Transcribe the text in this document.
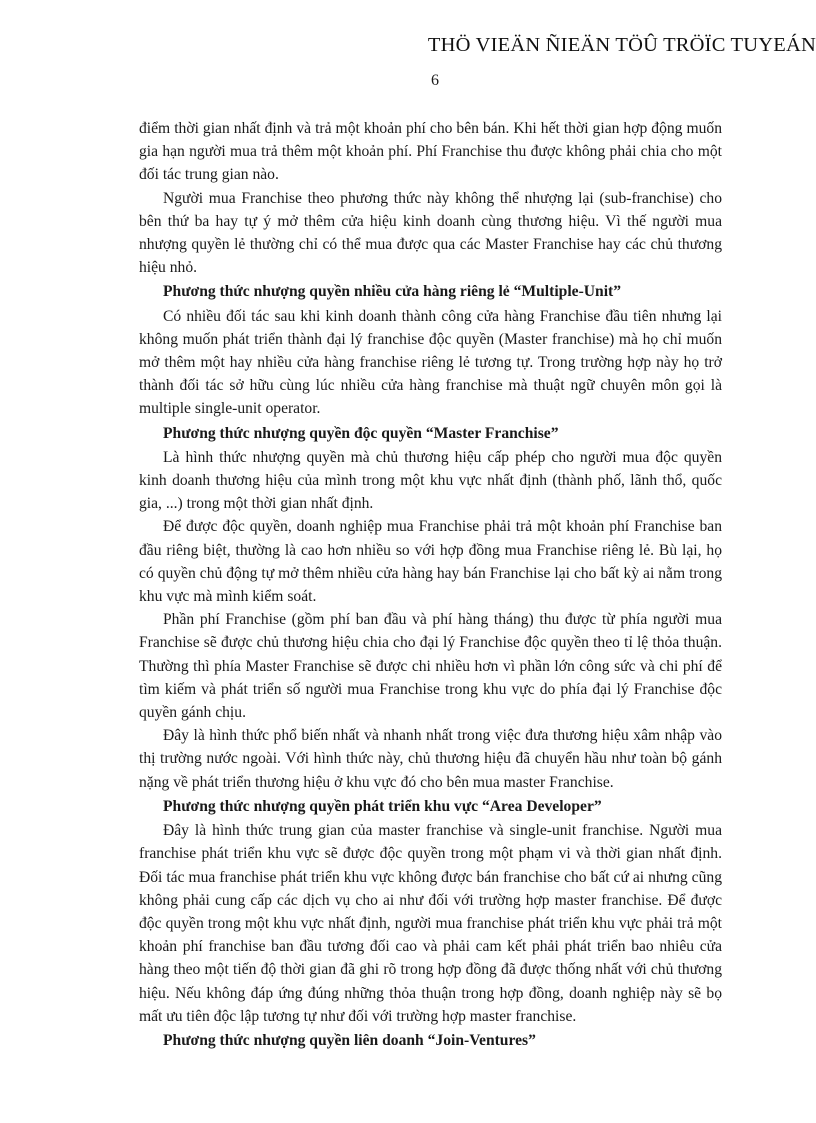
THÖ VIEÄN ÑIEÄN TÖÛ TRÖÏC TUYEÁN
6

điểm thời gian nhất định và trả một khoản phí cho bên bán. Khi hết thời gian hợp động muốn gia hạn người mua trả thêm một khoản phí. Phí Franchise thu được không phải chia cho một đối tác trung gian nào.

Người mua Franchise theo phương thức này không thể nhượng lại (sub-franchise) cho bên thứ ba hay tự ý mở thêm cửa hiệu kinh doanh cùng thương hiệu. Vì thế người mua nhượng quyền lẻ thường chỉ có thể mua được qua các Master Franchise hay các chủ thương hiệu nhỏ.

Phương thức nhượng quyền nhiều cửa hàng riêng lẻ “Multiple-Unit”

Có nhiều đối tác sau khi kinh doanh thành công cửa hàng Franchise đầu tiên nhưng lại không muốn phát triển thành đại lý franchise độc quyền (Master franchise) mà họ chỉ muốn mở thêm một hay nhiều cửa hàng franchise riêng lẻ tương tự. Trong trường hợp này họ trở thành đối tác sở hữu cùng lúc nhiều cửa hàng franchise mà thuật ngữ chuyên môn gọi là multiple single-unit operator.

Phương thức nhượng quyền độc quyền “Master Franchise”

Là hình thức nhượng quyền mà chủ thương hiệu cấp phép cho người mua độc quyền kinh doanh thương hiệu của mình trong một khu vực nhất định (thành phố, lãnh thổ, quốc gia, ...) trong một thời gian nhất định.

Để được độc quyền, doanh nghiệp mua Franchise phải trả một khoản phí Franchise ban đầu riêng biệt, thường là cao hơn nhiều so với hợp đồng mua Franchise riêng lẻ. Bù lại, họ có quyền chủ động tự mở thêm nhiều cửa hàng hay bán Franchise lại cho bất kỳ ai nằm trong khu vực mà mình kiểm soát.

Phần phí Franchise (gồm phí ban đầu và phí hàng tháng) thu được từ phía người mua Franchise sẽ được chủ thương hiệu chia cho đại lý Franchise độc quyền theo tỉ lệ thỏa thuận. Thường thì phía Master Franchise sẽ được chi nhiều hơn vì phần lớn công sức và chi phí để tìm kiếm và phát triển số người mua Franchise trong khu vực do phía đại lý Franchise độc quyền gánh chịu.

Đây là hình thức phổ biến nhất và nhanh nhất trong việc đưa thương hiệu xâm nhập vào thị trường nước ngoài. Với hình thức này, chủ thương hiệu đã chuyển hầu như toàn bộ gánh nặng về phát triển thương hiệu ở khu vực đó cho bên mua master Franchise.

Phương thức nhượng quyền phát triển khu vực “Area Developer”

Đây là hình thức trung gian của master franchise và single-unit franchise. Người mua franchise phát triển khu vực sẽ được độc quyền trong một phạm vi và thời gian nhất định. Đối tác mua franchise phát triển khu vực không được bán franchise cho bất cứ ai nhưng cũng không phải cung cấp các dịch vụ cho ai như đối với trường hợp master franchise. Để được độc quyền trong một khu vực nhất định, người mua franchise phát triển khu vực phải trả một khoản phí franchise ban đầu tương đối cao và phải cam kết phải phát triển bao nhiêu cửa hàng theo một tiến độ thời gian đã ghi rõ trong hợp đồng đã được thống nhất với chủ thương hiệu. Nếu không đáp ứng đúng những thỏa thuận trong hợp đồng, doanh nghiệp này sẽ bọ mất ưu tiên độc lập tương tự như đối với trường hợp master franchise.

Phương thức nhượng quyền liên doanh “Join-Ventures”
